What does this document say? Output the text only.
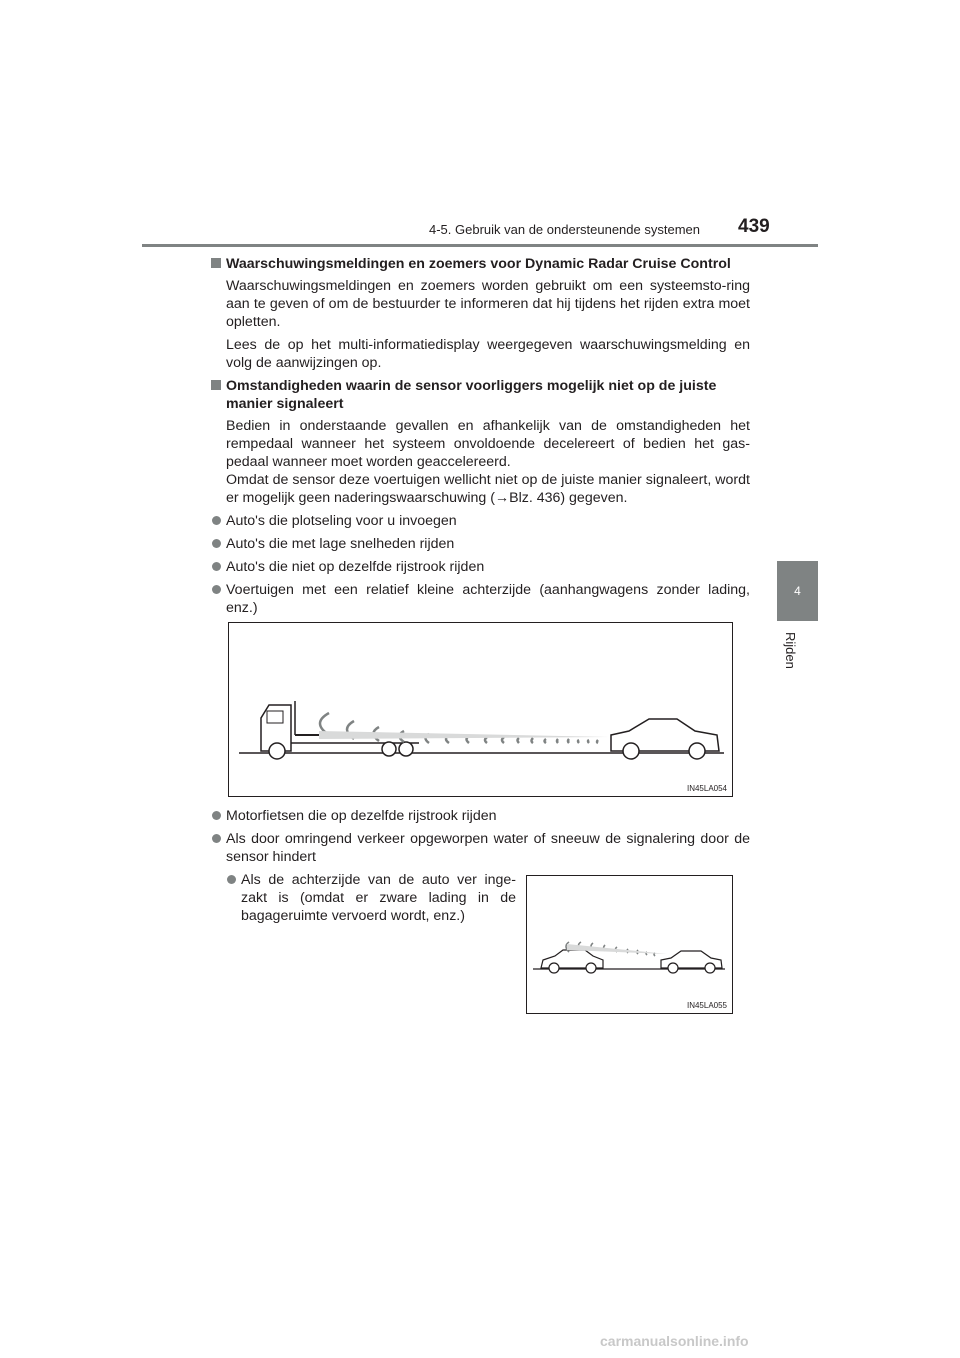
4-5. Gebruik van de ondersteunende systemen 439
4
Rijden
Waarschuwingsmeldingen en zoemers voor Dynamic Radar Cruise Control

Waarschuwingsmeldingen en zoemers worden gebruikt om een systeemsto-ring aan te geven of om de bestuurder te informeren dat hij tijdens het rijden extra moet opletten.

Lees de op het multi-informatiedisplay weergegeven waarschuwingsmelding en volg de aanwijzingen op.

Omstandigheden waarin de sensor voorliggers mogelijk niet op de juiste manier signaleert

Bedien in onderstaande gevallen en afhankelijk van de omstandigheden het rempedaal wanneer het systeem onvoldoende decelereert of bedien het gas-pedaal wanneer moet worden geaccelereerd.

Omdat de sensor deze voertuigen wellicht niet op de juiste manier signaleert, wordt er mogelijk geen naderingswaarschuwing (→Blz. 436) gegeven.

Auto's die plotseling voor u invoegen
Auto's die met lage snelheden rijden
Auto's die niet op dezelfde rijstrook rijden
Voertuigen met een relatief kleine achterzijde (aanhangwagens zonder lading, enz.)
IN45LA054
Motorfietsen die op dezelfde rijstrook rijden
Als door omringend verkeer opgeworpen water of sneeuw de signalering door de sensor hindert
Als de achterzijde van de auto ver inge-zakt is (omdat er zware lading in de bagageruimte vervoerd wordt, enz.)
IN45LA055
carmanualsonline.info
